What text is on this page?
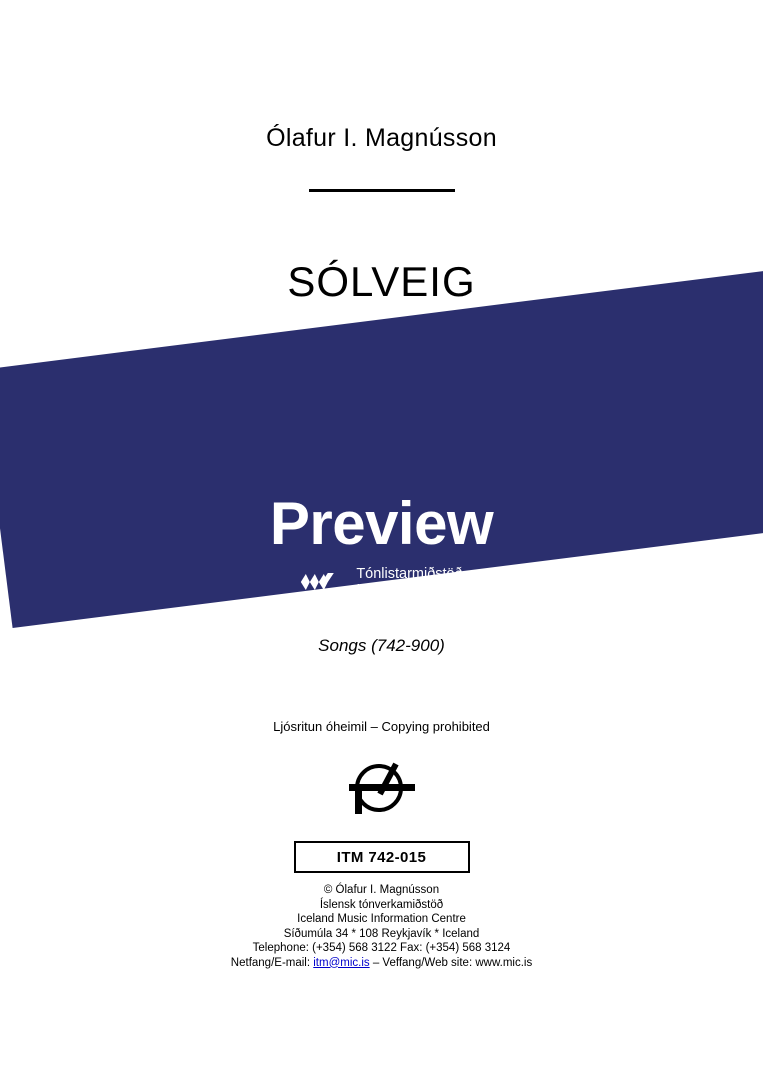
Ólafur I. Magnússon
SÓLVEIG
Songs (742-900)
Ljósritun óheimil – Copying prohibited
ITM 742-015
© Ólafur I. Magnússon
Íslensk tónverkamiðstöð
Iceland Music Information Centre
Síðumúla 34 * 108 Reykjavík * Iceland
Telephone: (+354) 568 3122 Fax: (+354) 568 3124
Netfang/E-mail: itm@mic.is – Veffang/Web site: www.mic.is
Preview
Tónlistarmiðstöð
Iceland Music
